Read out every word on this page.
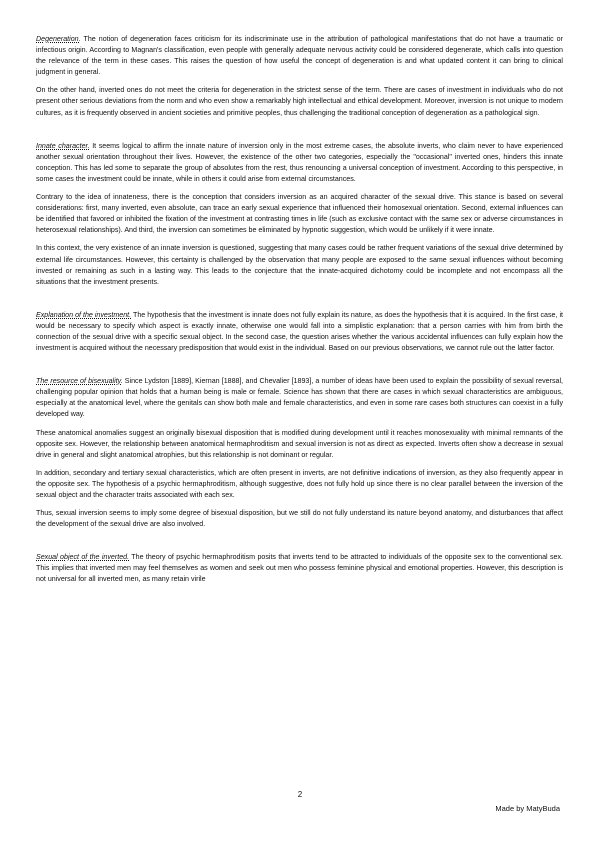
Degeneration. The notion of degeneration faces criticism for its indiscriminate use in the attribution of pathological manifestations that do not have a traumatic or infectious origin. According to Magnan's classification, even people with generally adequate nervous activity could be considered degenerate, which calls into question the relevance of the term in these cases. This raises the question of how useful the concept of degeneration is and what updated content it can bring to clinical judgment in general.

On the other hand, inverted ones do not meet the criteria for degeneration in the strictest sense of the term. There are cases of investment in individuals who do not present other serious deviations from the norm and who even show a remarkably high intellectual and ethical development. Moreover, inversion is not unique to modern cultures, as it is frequently observed in ancient societies and primitive peoples, thus challenging the traditional conception of degeneration as a pathological sign.

Innate character. It seems logical to affirm the innate nature of inversion only in the most extreme cases, the absolute inverts, who claim never to have experienced another sexual orientation throughout their lives. However, the existence of the other two categories, especially the "occasional" inverted ones, hinders this innate conception. This has led some to separate the group of absolutes from the rest, thus renouncing a universal conception of investment. According to this perspective, in some cases the investment could be innate, while in others it could arise from external circumstances.

Contrary to the idea of innateness, there is the conception that considers inversion as an acquired character of the sexual drive. This stance is based on several considerations: first, many inverted, even absolute, can trace an early sexual experience that influenced their homosexual orientation. Second, external influences can be identified that favored or inhibited the fixation of the investment at contrasting times in life (such as exclusive contact with the same sex or adverse circumstances in heterosexual relationships). And third, the inversion can sometimes be eliminated by hypnotic suggestion, which would be unlikely if it were innate.

In this context, the very existence of an innate inversion is questioned, suggesting that many cases could be rather frequent variations of the sexual drive determined by external life circumstances. However, this certainty is challenged by the observation that many people are exposed to the same sexual influences without becoming invested or remaining as such in a lasting way. This leads to the conjecture that the innate-acquired dichotomy could be incomplete and not encompass all the situations that the investment presents.

Explanation of the investment. The hypothesis that the investment is innate does not fully explain its nature, as does the hypothesis that it is acquired. In the first case, it would be necessary to specify which aspect is exactly innate, otherwise one would fall into a simplistic explanation: that a person carries with him from birth the connection of the sexual drive with a specific sexual object. In the second case, the question arises whether the various accidental influences can fully explain how the investment is acquired without the necessary predisposition that would exist in the individual. Based on our previous observations, we cannot rule out the latter factor.

The resource of bisexuality. Since Lydston [1889], Kiernan [1888], and Chevalier [1893], a number of ideas have been used to explain the possibility of sexual reversal, challenging popular opinion that holds that a human being is male or female. Science has shown that there are cases in which sexual characteristics are ambiguous, especially at the anatomical level, where the genitals can show both male and female characteristics, and even in some rare cases both structures can coexist in a fully developed way.

These anatomical anomalies suggest an originally bisexual disposition that is modified during development until it reaches monosexuality with minimal remnants of the opposite sex. However, the relationship between anatomical hermaphroditism and sexual inversion is not as direct as expected. Inverts often show a decrease in sexual drive in general and slight anatomical atrophies, but this relationship is not dominant or regular.

In addition, secondary and tertiary sexual characteristics, which are often present in inverts, are not definitive indications of inversion, as they also frequently appear in the opposite sex. The hypothesis of a psychic hermaphroditism, although suggestive, does not fully hold up since there is no clear parallel between the inversion of the sexual object and the character traits associated with each sex.

Thus, sexual inversion seems to imply some degree of bisexual disposition, but we still do not fully understand its nature beyond anatomy, and disturbances that affect the development of the sexual drive are also involved.

Sexual object of the inverted. The theory of psychic hermaphroditism posits that inverts tend to be attracted to individuals of the opposite sex to the conventional sex. This implies that inverted men may feel themselves as women and seek out men who possess feminine physical and emotional properties. However, this description is not universal for all inverted men, as many retain virile

2
Made by MatyBuda
